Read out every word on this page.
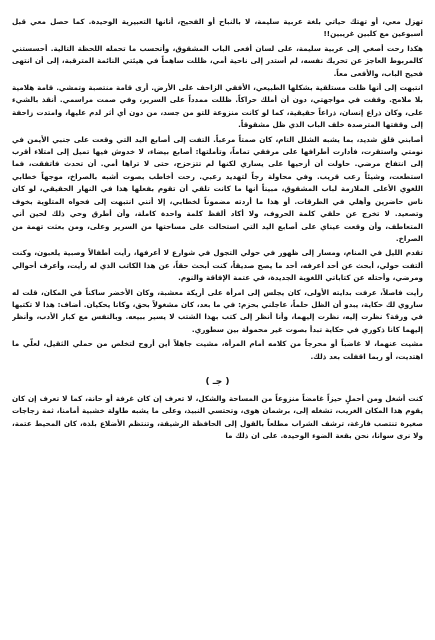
تهزل معي، أو تهتك حياتي بلغة عربية سليمة، لا بالنباح أو الفحيح، أنانها التعبيرية الوحيدة. كما حصل معي قبل أسبوعين مع كلبين غريبين!!

هكذا رحت أصغي إلى عربية سليمة، على لسان أفعى الباب المشقوق، وأتحسب ما تحمله اللحظة التالية. أحسستني كالمربوط العاجز عن تحريك نفسه، لم أستدر إلى ناحية أمي، ظللت ساهماً في هيئتي النائمة المترقبة، إلى أن انتهى فحيح الباب، والأفعى معاً.

انتبهت إلى أنها ظلت مستلقية بشكلها الطبيعي، الأفقي الزاحف على الأرض. أرى قامة منتصبة وتمشي. قامة هلامية بلا ملامح. وقفت في مواجهتي، دون أن أملك حراكاً. ظللت ممدداً على السرير، وفي صمت مراسمي. أنقذ بالشيء على، وكان ذراع إنسان، ذراعاً حقيقية، كما لو كانت منزوعة للتو من جسد، من دون أي أثر لدم عليها، وامتدت زاحفة إلى وقفتها المترصدة خلف الباب الذي ظل مشقوقاً.

أصابني قلق شديد، بما يشبه الشلل التام، كان صمتاً مرعباً. التفت إلى أصابع اليد التي وقعت على جنبي الأيمن في نومتي واستقرت، فأدارت أطرافها على مرفقي تماماً، وتأملتها: أصابع بيضاء، لا خدوش فيها تميل إلى امتلاء أقرب إلى انتفاخ مرضي. حاولت أن أزحيها على يساري لكنها لم تتزحزح، حتى لا تراها أمي. أن تحدث فاتفقت، فما استطعت، وشيئاً رعب قريب. وفي محاولة رجاً لتهديد رعبي. رحت أخاطب بصوت أشبه بالصراخ، موجهاً خطابي اللغوي الأعلى الملازمة لباب المشقوق، مبيناً أنها ما كانت تلقي أن تقوم بفعلها هذا في النهار الحقيقي، لو كان ناس حاضرين وأهلي في الطرقات. أو هذا ما أردته مضموناً لخطابي، إلا أنني انتبهت إلى فحواه المتلوية بخوف وتصعيد. لا تخرج عن حلقي كلمة الحروف، ولا أكاد ألفظ كلمة واحدة كاملة، وأن أطرق وحي ذلك لحين أني المتعاطف، وأن وقعت عيناي على أصابع اليد التي استحالت على مساحتها من السرير وعلى، ومن بعثت تهمة من الصراخ.

تقدم الليل في المنام، ومسار إلى ظهور في حولي التجول في شوارع لا أعرفها، رأيت أطفالاً وصبية يلعبون، وكنت ألتفت حولي، أبحث عن أحد أعرفه، أحد ما يصح صديقاً، كنت أبحث حقاً، عن هذا الكاتب الذي له رأيت، وأعرف أحوالي ومرضي، وأحتله عن كتاباتي اللغوية الجديدة، في عتمة الإفاقة والنوم.

رأيت فاصلاً، عرفت بدايته الأولى، كان يجلس إلى امرأة على أريكة معشبة، وكان الأخضر ساكناً في المكان، قلت له ساروي لك حكاية، يبدو أن الظل حلماً، عاجلني بحزم: في ما بعد، كان مشغولاً بحق، وكانا يحكيان. أضاف: هذا لا تكتبها في ورقة؟ نظرت إليه، نظرت إليهما، وأنا أنظر إلى كتب بهذا الشتب لا يسير ببيعه. وبالنفس مع كبار الأدب، وأنظر إليهما كانا ذكوري في حكاية تبدأ بصوت غير محمولة بين سطوري.

مشيت عنهما، لا غاضباً أو محرجاً من كلامه أمام المرأة، مشيت جاهلاً أين أروح لتخلص من حملي الثقيل، لعلّي ما اهتديت، أو ربما اقفلت بعد ذلك.

( جـ )

كنت أشغل ومن أحملٍ حيزاً غامضاً منزوعاً من المساحة والشكل، لا تعرف إن كان غرفة أو حانة، كما لا تعرف إن كان يقوم هذا المكان الغريب، تشغله إلى، برشمان هوى، وتحتسي النبيذ، وعلى ما يشبه طاولة خشبية أمامنا، ثمة زجاجات صغيرة تنتصب فارغة، ترشف الشراب مطلعاً بالقول إلى الحافظة الرشيقة، وتنتظم الأضلاع بلذة، كان المحيط عتمة، ولا نرى سوانا، نحن بقعة الضوء الوحيدة. على ان ذلك ما
